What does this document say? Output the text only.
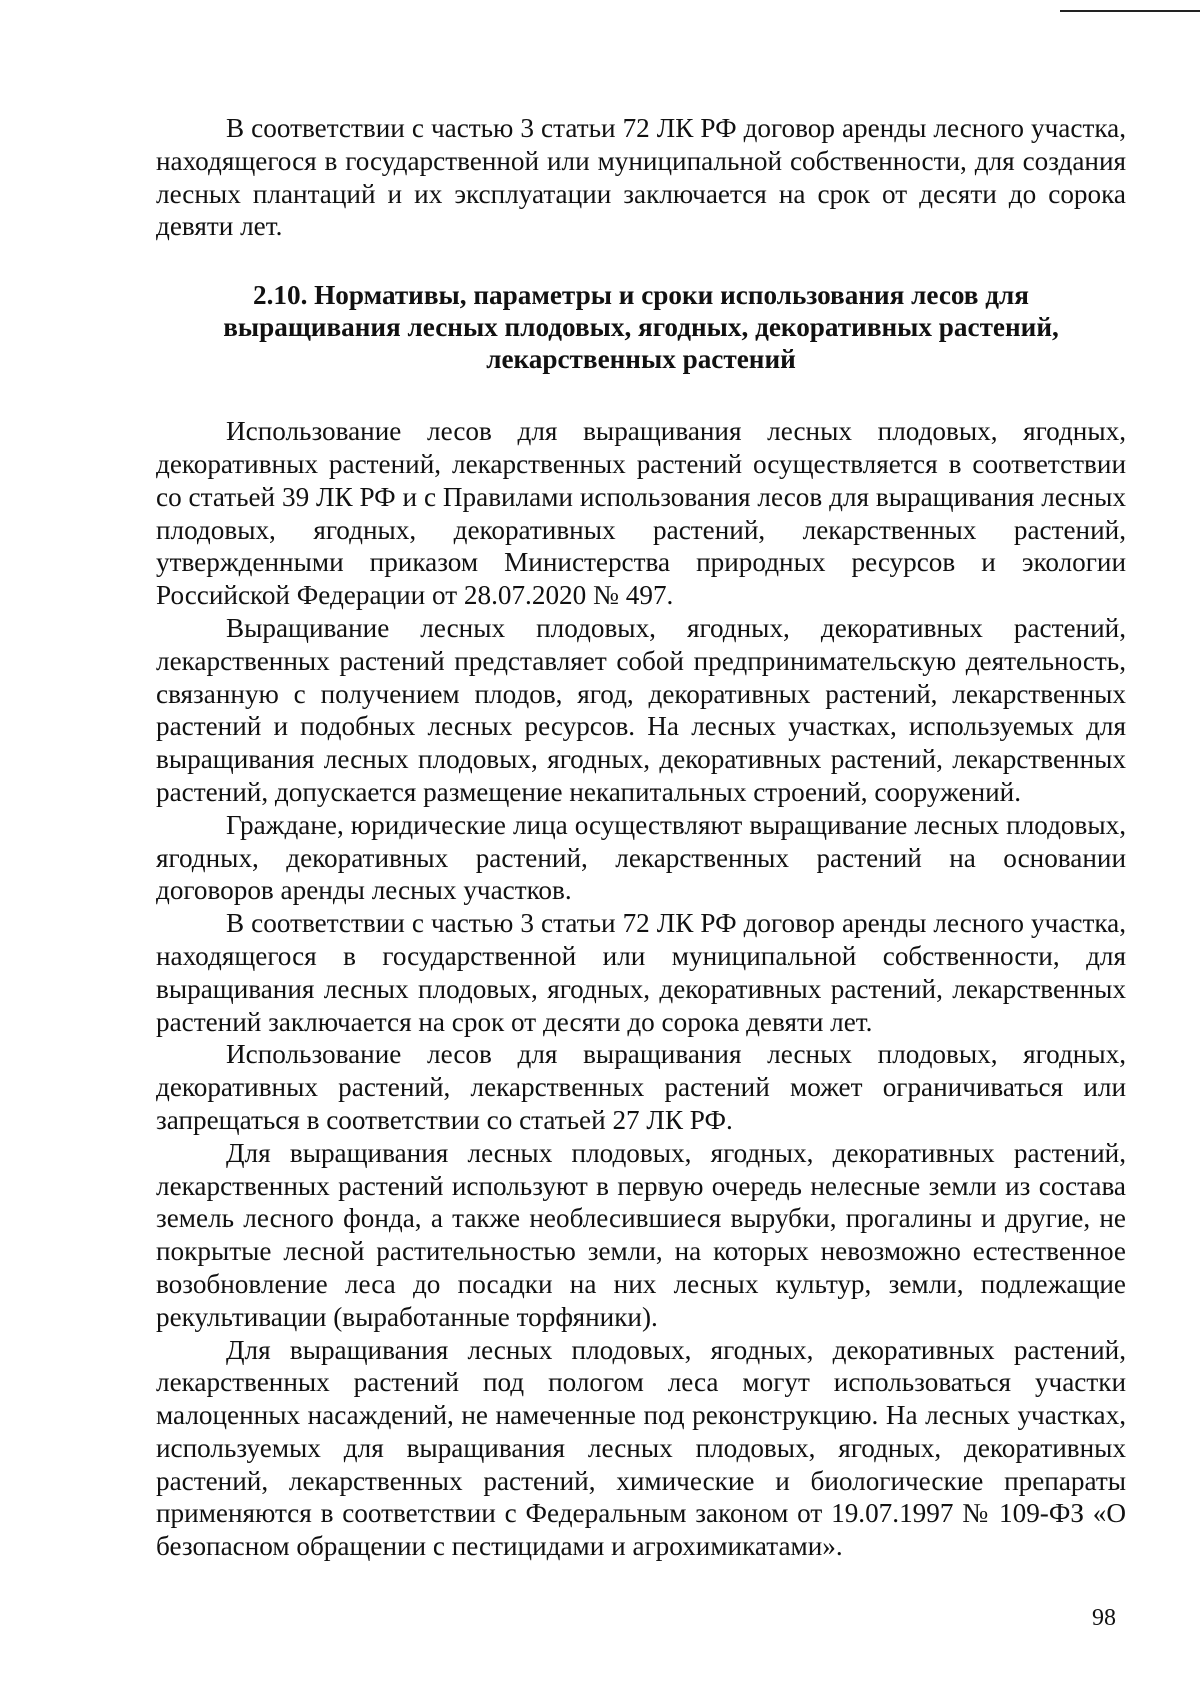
В соответствии с частью 3 статьи 72 ЛК РФ договор аренды лесного участка, находящегося в государственной или муниципальной собственности, для создания лесных плантаций и их эксплуатации заключается на срок от десяти до сорока девяти лет.

2.10. Нормативы, параметры и сроки использования лесов для
выращивания лесных плодовых, ягодных, декоративных растений,
лекарственных растений

Использование лесов для выращивания лесных плодовых, ягодных, декоративных растений, лекарственных растений осуществляется в соответствии со статьей 39 ЛК РФ и с Правилами использования лесов для выращивания лесных плодовых, ягодных, декоративных растений, лекарственных растений, утвержденными приказом Министерства природных ресурсов и экологии Российской Федерации от 28.07.2020 № 497.

Выращивание лесных плодовых, ягодных, декоративных растений, лекарственных растений представляет собой предпринимательскую деятельность, связанную с получением плодов, ягод, декоративных растений, лекарственных растений и подобных лесных ресурсов. На лесных участках, используемых для выращивания лесных плодовых, ягодных, декоративных растений, лекарственных растений, допускается размещение некапитальных строений, сооружений.

Граждане, юридические лица осуществляют выращивание лесных плодовых, ягодных, декоративных растений, лекарственных растений на основании договоров аренды лесных участков.

В соответствии с частью 3 статьи 72 ЛК РФ договор аренды лесного участка, находящегося в государственной или муниципальной собственности, для выращивания лесных плодовых, ягодных, декоративных растений, лекарственных растений заключается на срок от десяти до сорока девяти лет.

Использование лесов для выращивания лесных плодовых, ягодных, декоративных растений, лекарственных растений может ограничиваться или запрещаться в соответствии со статьей 27 ЛК РФ.

Для выращивания лесных плодовых, ягодных, декоративных растений, лекарственных растений используют в первую очередь нелесные земли из состава земель лесного фонда, а также необлесившиеся вырубки, прогалины и другие, не покрытые лесной растительностью земли, на которых невозможно естественное возобновление леса до посадки на них лесных культур, земли, подлежащие рекультивации (выработанные торфяники).

Для выращивания лесных плодовых, ягодных, декоративных растений, лекарственных растений под пологом леса могут использоваться участки малоценных насаждений, не намеченные под реконструкцию. На лесных участках, используемых для выращивания лесных плодовых, ягодных, декоративных растений, лекарственных растений, химические и биологические препараты применяются в соответствии с Федеральным законом от 19.07.1997 № 109-ФЗ «О безопасном обращении с пестицидами и агрохимикатами».

98
